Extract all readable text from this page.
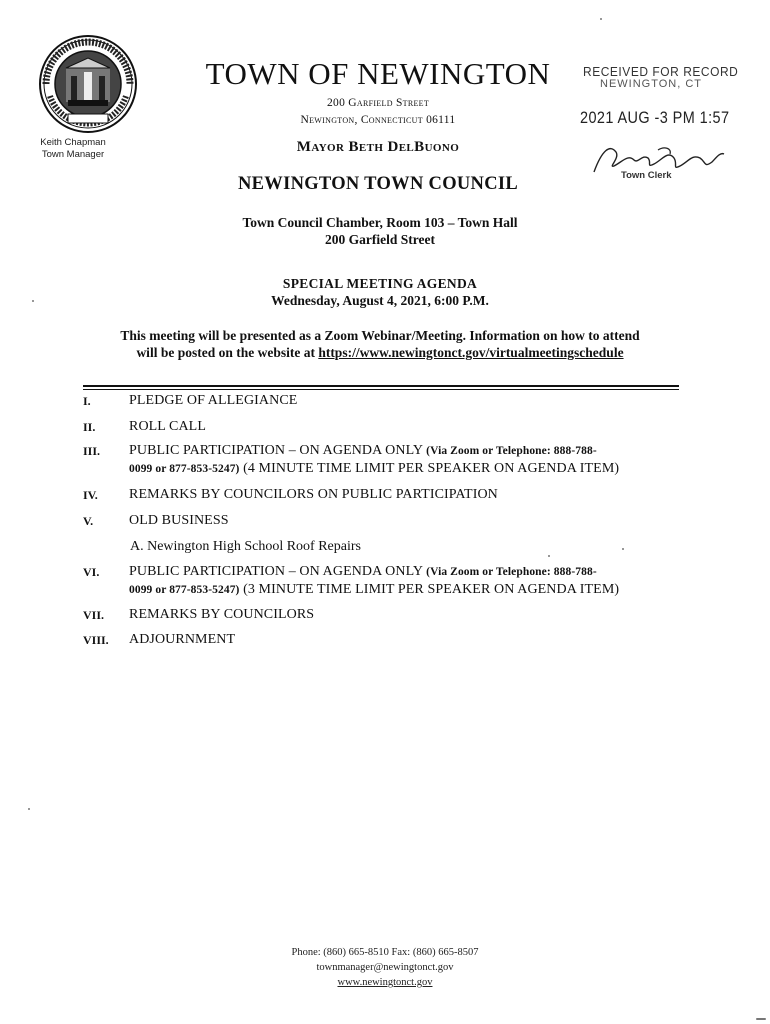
Keith Chapman
Town Manager
TOWN OF NEWINGTON
200 Garfield Street
Newington, Connecticut 06111
Mayor Beth DelBuono
NEWINGTON TOWN COUNCIL
RECEIVED FOR RECORD
NEWINGTON, CT
2021 AUG -3 PM 1:57
Town Clerk
Town Council Chamber, Room 103 – Town Hall
200 Garfield Street
SPECIAL MEETING AGENDA
Wednesday, August 4, 2021, 6:00 P.M.
This meeting will be presented as a Zoom Webinar/Meeting. Information on how to attend
will be posted on the website at https://www.newingtonct.gov/virtualmeetingschedule
I.	PLEDGE OF ALLEGIANCE
II. ROLL CALL
III. PUBLIC PARTICIPATION – ON AGENDA ONLY (Via Zoom or Telephone: 888-788-
0099 or 877-853-5247) (4 MINUTE TIME LIMIT PER SPEAKER ON AGENDA ITEM)
IV. REMARKS BY COUNCILORS ON PUBLIC PARTICIPATION
V.	OLD BUSINESS
A. Newington High School Roof Repairs
VI. PUBLIC PARTICIPATION – ON AGENDA ONLY (Via Zoom or Telephone: 888-788-
0099 or 877-853-5247) (3 MINUTE TIME LIMIT PER SPEAKER ON AGENDA ITEM)
VII. REMARKS BY COUNCILORS
VIII. ADJOURNMENT
Phone: (860) 665-8510 Fax: (860) 665-8507
townmanager@newingtonct.gov
www.newingtonct.gov
